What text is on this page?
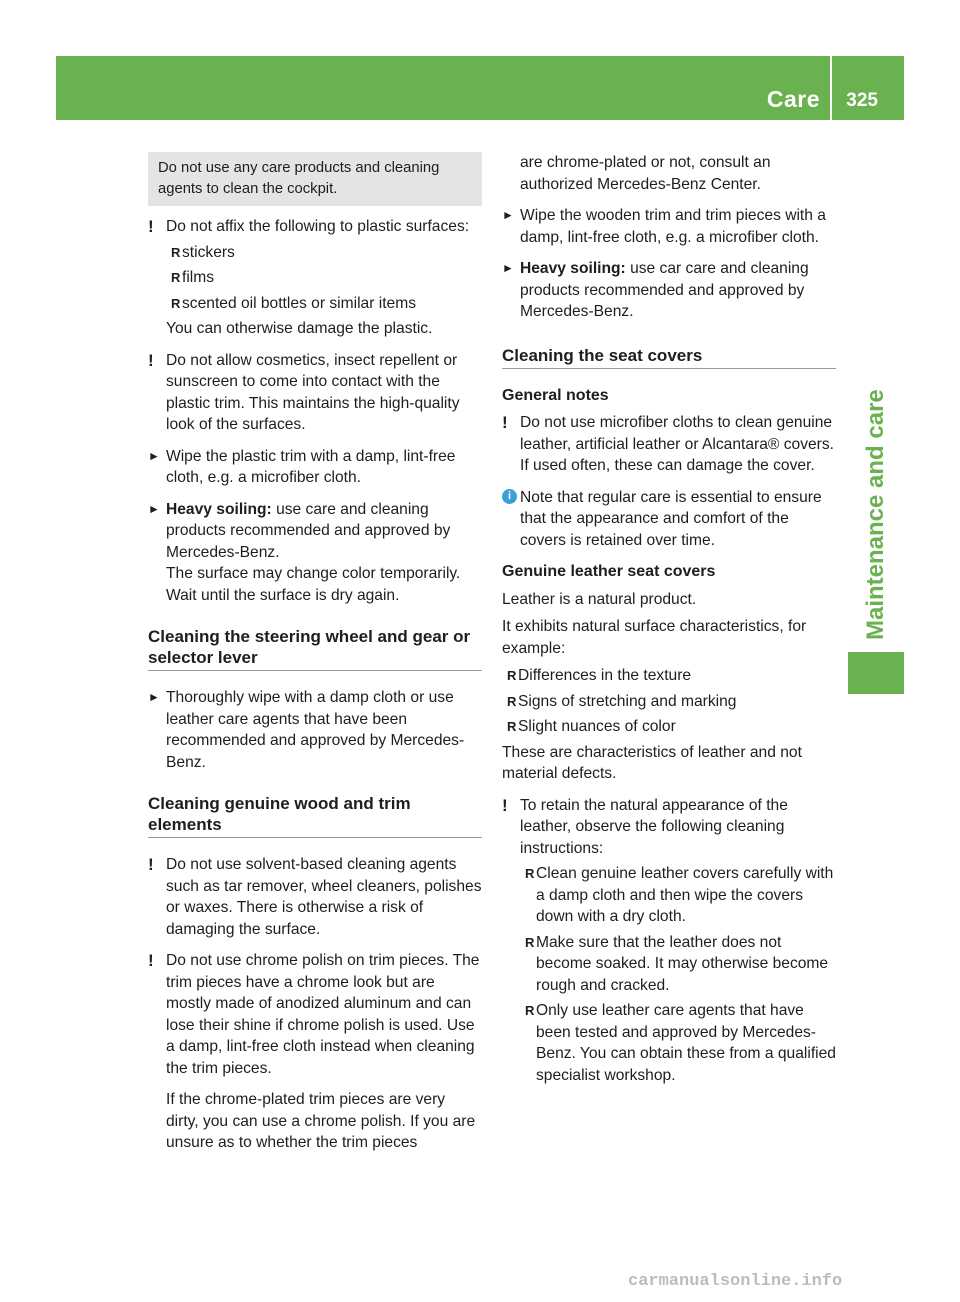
Care 325
Maintenance and care
Do not use any care products and cleaning agents to clean the cockpit.
! Do not affix the following to plastic surfaces:
R stickers
R films
R scented oil bottles or similar items
You can otherwise damage the plastic.
! Do not allow cosmetics, insect repellent or sunscreen to come into contact with the plastic trim. This maintains the high-quality look of the surfaces.
► Wipe the plastic trim with a damp, lint-free cloth, e.g. a microfiber cloth.
► Heavy soiling: use care and cleaning products recommended and approved by Mercedes-Benz.
The surface may change color temporarily. Wait until the surface is dry again.
Cleaning the steering wheel and gear or selector lever
► Thoroughly wipe with a damp cloth or use leather care agents that have been recommended and approved by Mercedes-Benz.
Cleaning genuine wood and trim elements
! Do not use solvent-based cleaning agents such as tar remover, wheel cleaners, polishes or waxes. There is otherwise a risk of damaging the surface.
! Do not use chrome polish on trim pieces. The trim pieces have a chrome look but are mostly made of anodized aluminum and can lose their shine if chrome polish is used. Use a damp, lint-free cloth instead when cleaning the trim pieces.
If the chrome-plated trim pieces are very dirty, you can use a chrome polish. If you are unsure as to whether the trim pieces
are chrome-plated or not, consult an authorized Mercedes-Benz Center.
► Wipe the wooden trim and trim pieces with a damp, lint-free cloth, e.g. a microfiber cloth.
► Heavy soiling: use car care and cleaning products recommended and approved by Mercedes-Benz.
Cleaning the seat covers
General notes
! Do not use microfiber cloths to clean genuine leather, artificial leather or Alcantara® covers. If used often, these can damage the cover.
i Note that regular care is essential to ensure that the appearance and comfort of the covers is retained over time.
Genuine leather seat covers
Leather is a natural product.
It exhibits natural surface characteristics, for example:
R Differences in the texture
R Signs of stretching and marking
R Slight nuances of color
These are characteristics of leather and not material defects.
! To retain the natural appearance of the leather, observe the following cleaning instructions:
R Clean genuine leather covers carefully with a damp cloth and then wipe the covers down with a dry cloth.
R Make sure that the leather does not become soaked. It may otherwise become rough and cracked.
R Only use leather care agents that have been tested and approved by Mercedes-Benz. You can obtain these from a qualified specialist workshop.
carmanualsonline.info
